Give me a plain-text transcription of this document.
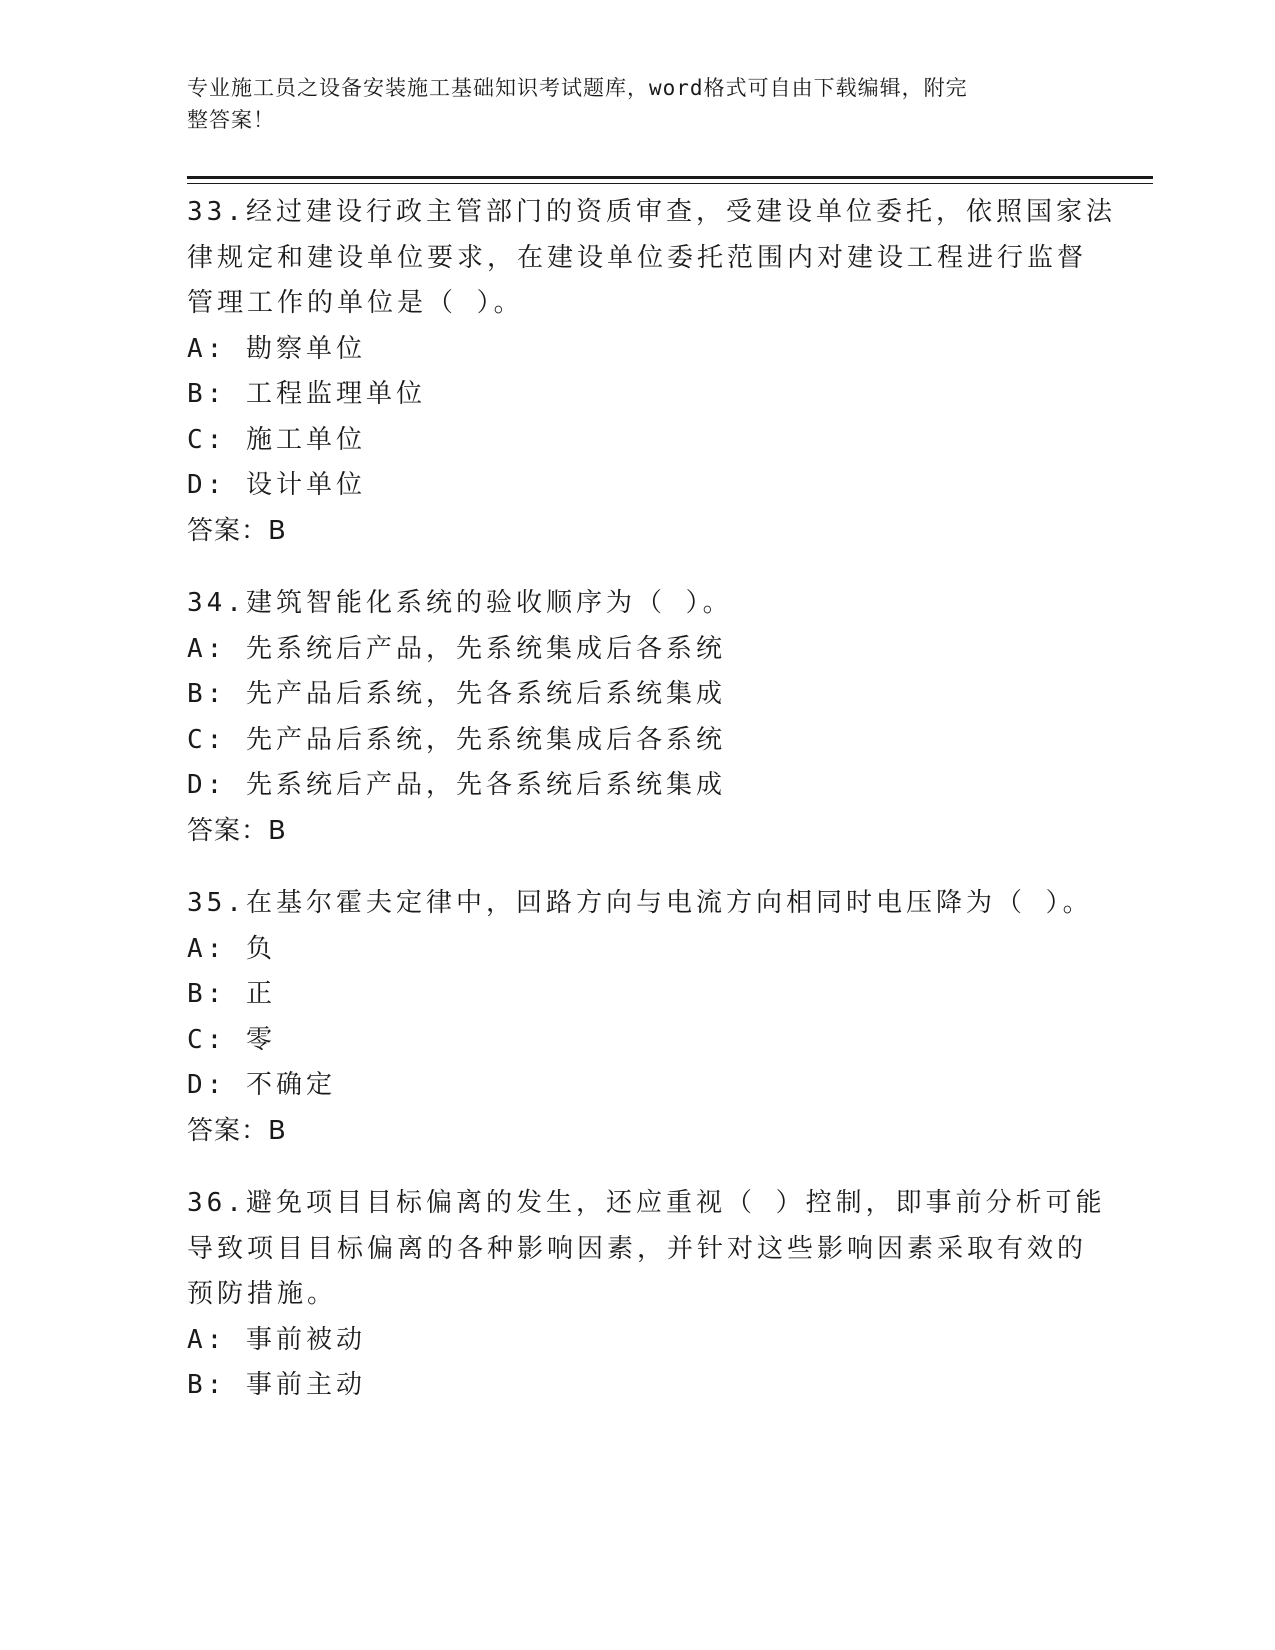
专业施工员之设备安装施工基础知识考试题库，word格式可自由下载编辑，附完
整答案！
33.经过建设行政主管部门的资质审查，受建设单位委托，依照国家法
律规定和建设单位要求，在建设单位委托范围内对建设工程进行监督
管理工作的单位是（ ）。
A: 勘察单位
B: 工程监理单位
C: 施工单位
D: 设计单位
答案：B
34.建筑智能化系统的验收顺序为（ ）。
A: 先系统后产品，先系统集成后各系统
B: 先产品后系统，先各系统后系统集成
C: 先产品后系统，先系统集成后各系统
D: 先系统后产品，先各系统后系统集成
答案：B
35.在基尔霍夫定律中，回路方向与电流方向相同时电压降为（ ）。
A: 负
B: 正
C: 零
D: 不确定
答案：B
36.避免项目目标偏离的发生，还应重视（ ）控制，即事前分析可能
导致项目目标偏离的各种影响因素，并针对这些影响因素采取有效的
预防措施。
A: 事前被动
B: 事前主动
